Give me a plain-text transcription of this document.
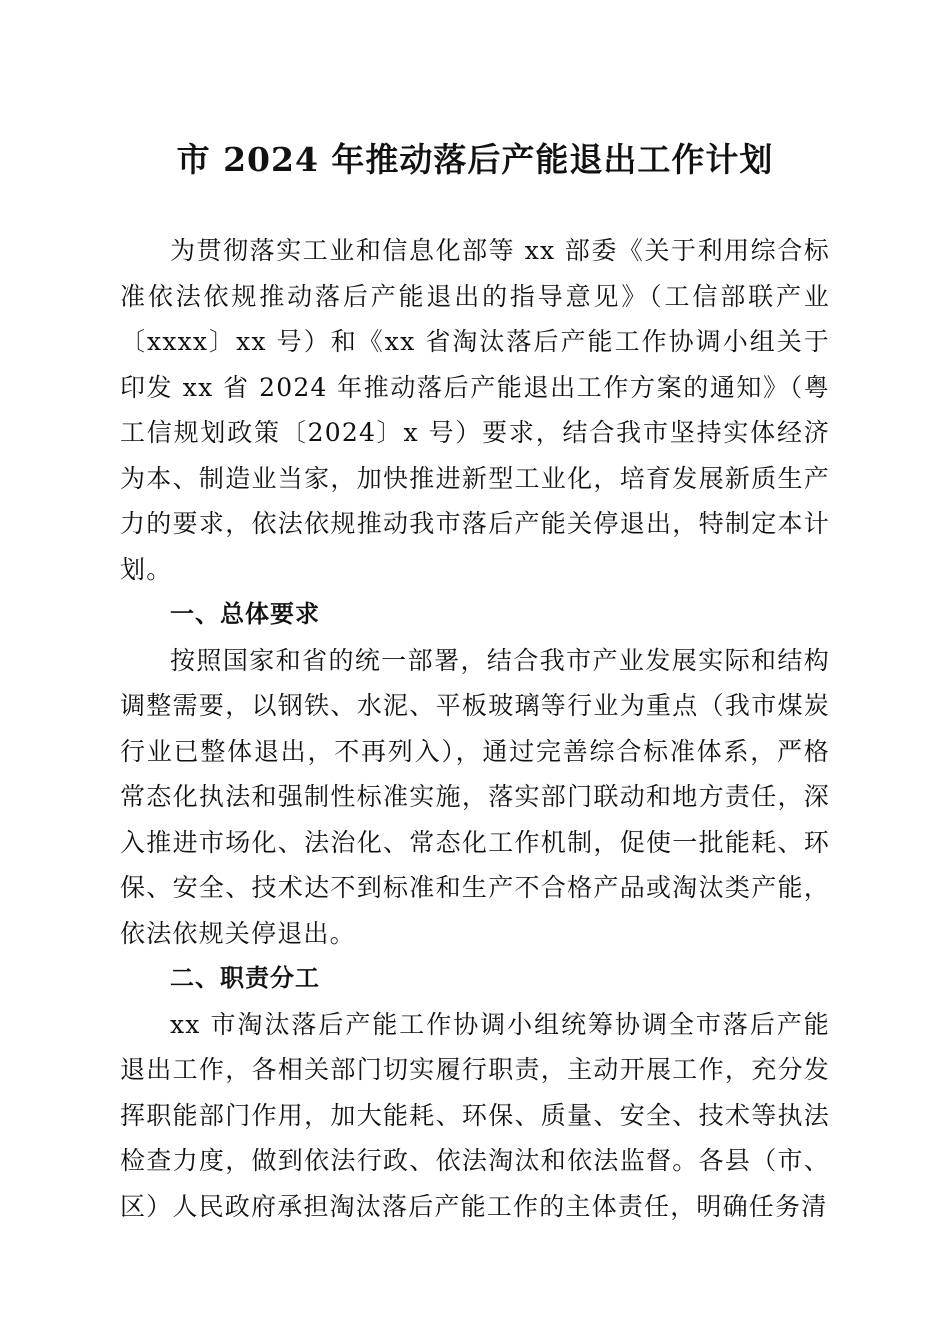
市 2024 年推动落后产能退出工作计划

为贯彻落实工业和信息化部等 xx 部委《关于利用综合标准依法依规推动落后产能退出的指导意见》（工信部联产业〔xxxx〕xx 号）和《xx 省淘汰落后产能工作协调小组关于印发 xx 省 2024 年推动落后产能退出工作方案的通知》（粤工信规划政策〔2024〕x 号）要求，结合我市坚持实体经济为本、制造业当家，加快推进新型工业化，培育发展新质生产力的要求，依法依规推动我市落后产能关停退出，特制定本计划。

一、总体要求

按照国家和省的统一部署，结合我市产业发展实际和结构调整需要，以钢铁、水泥、平板玻璃等行业为重点（我市煤炭行业已整体退出，不再列入），通过完善综合标准体系，严格常态化执法和强制性标准实施，落实部门联动和地方责任，深入推进市场化、法治化、常态化工作机制，促使一批能耗、环保、安全、技术达不到标准和生产不合格产品或淘汰类产能，依法依规关停退出。

二、职责分工

xx 市淘汰落后产能工作协调小组统筹协调全市落后产能退出工作，各相关部门切实履行职责，主动开展工作，充分发挥职能部门作用，加大能耗、环保、质量、安全、技术等执法检查力度，做到依法行政、依法淘汰和依法监督。各县（市、区）人民政府承担淘汰落后产能工作的主体责任，明确任务清
